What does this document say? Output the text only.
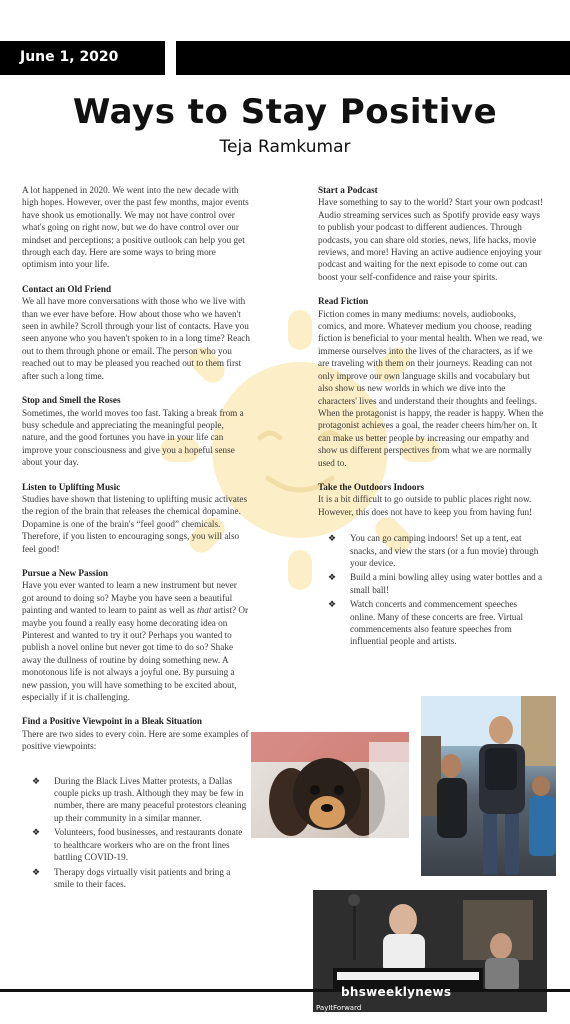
June 1, 2020
Ways to Stay Positive
Teja Ramkumar

A lot happened in 2020. We went into the new decade with high hopes. However, over the past few months, major events have shook us emotionally. We may not have control over what's going on right now, but we do have control over our mindset and perceptions; a positive outlook can help you get through each day. Here are some ways to bring more optimism into your life.

Contact an Old Friend

We all have more conversations with those who we live with than we ever have before. How about those who we haven't seen in awhile? Scroll through your list of contacts. Have you seen anyone who you haven't spoken to in a long time? Reach out to them through phone or email. The person who you reached out to may be pleased you reached out to them first after such a long time.

Stop and Smell the Roses

Sometimes, the world moves too fast. Taking a break from a busy schedule and appreciating the meaningful people, nature, and the good fortunes you have in your life can improve your consciousness and give you a hopeful sense about your day.

Listen to Uplifting Music

Studies have shown that listening to uplifting music activates the region of the brain that releases the chemical dopamine. Dopamine is one of the brain's “feel good” chemicals. Therefore, if you listen to encouraging songs, you will also feel good!

Pursue a New Passion

Have you ever wanted to learn a new instrument but never got around to doing so? Maybe you have seen a beautiful painting and wanted to learn to paint as well as that artist? Or maybe you found a really easy home decorating idea on Pinterest and wanted to try it out? Perhaps you wanted to publish a novel online but never got time to do so? Shake away the dullness of routine by doing something new. A monotonous life is not always a joyful one. By pursuing a new passion, you will have something to be excited about, especially if it is challenging.

Find a Positive Viewpoint in a Bleak Situation

There are two sides to every coin. Here are some examples of positive viewpoints:

❖ During the Black Lives Matter protests, a Dallas couple picks up trash. Although they may be few in number, there are many peaceful protestors cleaning up their community in a similar manner.
❖ Volunteers, food businesses, and restaurants donate to healthcare workers who are on the front lines battling COVID-19.
❖ Therapy dogs virtually visit patients and bring a smile to their faces.
Start a Podcast

Have something to say to the world? Start your own podcast! Audio streaming services such as Spotify provide easy ways to publish your podcast to different audiences. Through podcasts, you can share old stories, news, life hacks, movie reviews, and more! Having an active audience enjoying your podcast and waiting for the next episode to come out can boost your self-confidence and raise your spirits.

Read Fiction

Fiction comes in many mediums: novels, audiobooks, comics, and more. Whatever medium you choose, reading fiction is beneficial to your mental health. When we read, we immerse ourselves into the lives of the characters, as if we are traveling with them on their journeys. Reading can not only improve our own language skills and vocabulary but also show us new worlds in which we dive into the characters' lives and understand their thoughts and feelings. When the protagonist is happy, the reader is happy. When the protagonist achieves a goal, the reader cheers him/her on. It can make us better people by increasing our empathy and show us different perspectives from what we are normally used to.

Take the Outdoors Indoors

It is a bit difficult to go outside to public places right now. However, this does not have to keep you from having fun!

❖ You can go camping indoors! Set up a tent, eat snacks, and view the stars (or a fun movie) through your device.
❖ Build a mini bowling alley using water bottles and a small ball!
❖ Watch concerts and commencement speeches online. Many of these concerts are free. Virtual commencements also feature speeches from influential people and artists.
bhsweeklynews
PayItForward
